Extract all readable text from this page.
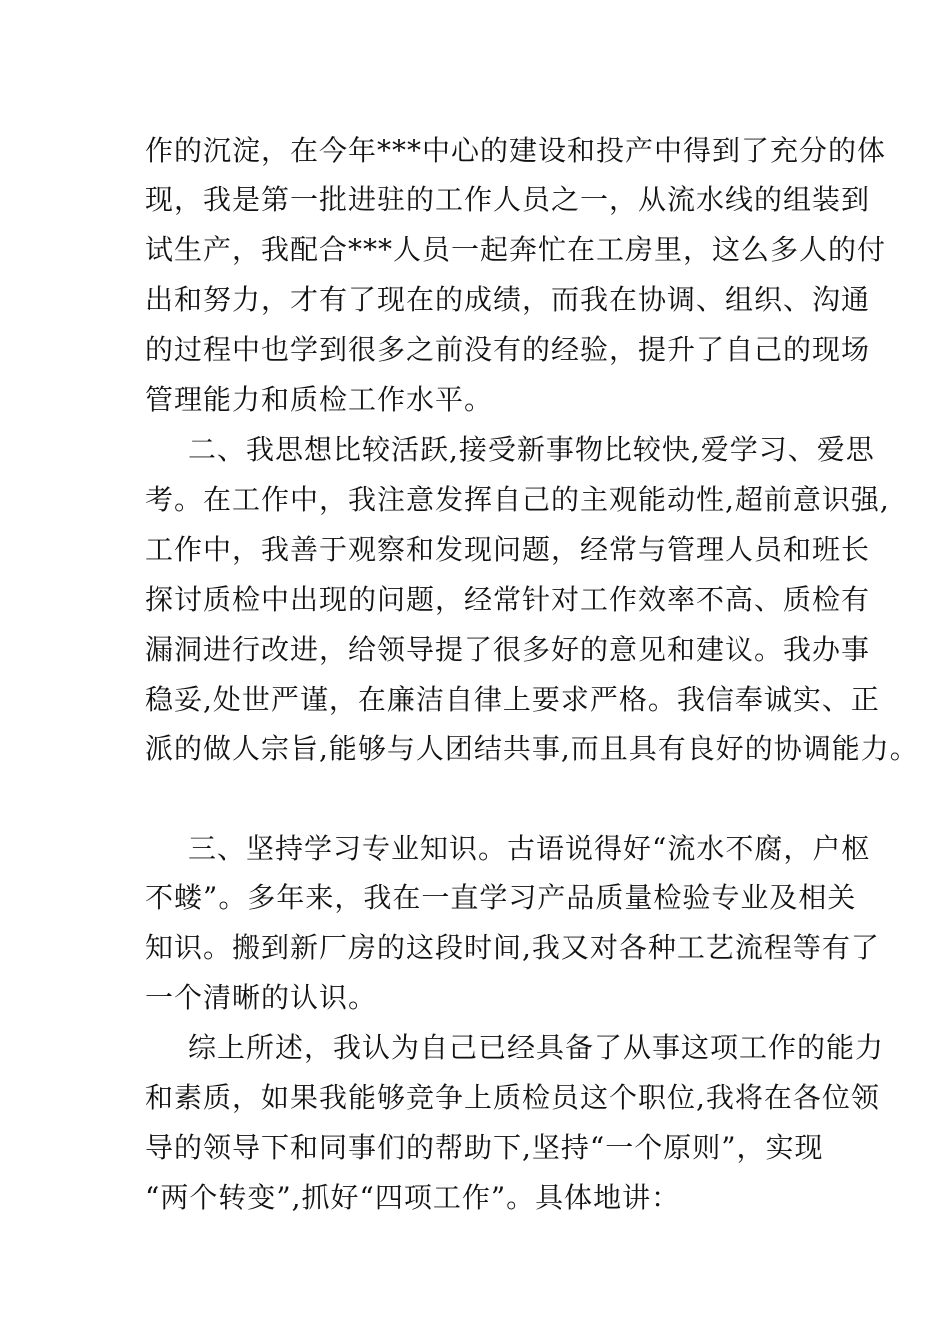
作的沉淀，在今年***中心的建设和投产中得到了充分的体
现，我是第一批进驻的工作人员之一，从流水线的组装到
试生产，我配合***人员一起奔忙在工房里，这么多人的付
出和努力，才有了现在的成绩，而我在协调、组织、沟通
的过程中也学到很多之前没有的经验，提升了自己的现场
管理能力和质检工作水平。
二、我思想比较活跃,接受新事物比较快,爱学习、爱思
考。在工作中，我注意发挥自己的主观能动性,超前意识强,
工作中，我善于观察和发现问题，经常与管理人员和班长
探讨质检中出现的问题，经常针对工作效率不高、质检有
漏洞进行改进，给领导提了很多好的意见和建议。我办事
稳妥,处世严谨，在廉洁自律上要求严格。我信奉诚实、正
派的做人宗旨,能够与人团结共事,而且具有良好的协调能力。
三、坚持学习专业知识。古语说得好“流水不腐，户枢
不蝼”。多年来，我在一直学习产品质量检验专业及相关
知识。搬到新厂房的这段时间,我又对各种工艺流程等有了
一个清晰的认识。
综上所述，我认为自己已经具备了从事这项工作的能力
和素质，如果我能够竞争上质检员这个职位,我将在各位领
导的领导下和同事们的帮助下,坚持“一个原则”，实现
“两个转变”,抓好“四项工作”。具体地讲：
